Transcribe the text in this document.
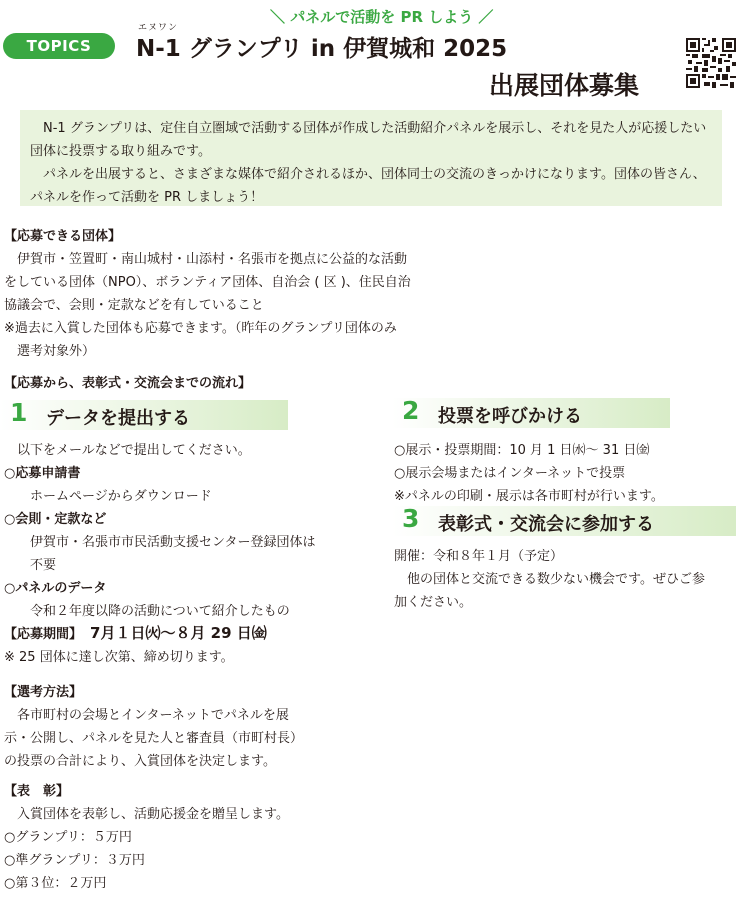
TOPICS
＼ パネルで活動を PR しよう ／
エヌワン
N-1 グランプリ in 伊賀城和 2025
出展団体募集

N-1 グランプリは、定住自立圏域で活動する団体が作成した活動紹介パネルを展示し、それを見た人が応援したい団体に投票する取り組みです。

パネルを出展すると、さまざまな媒体で紹介されるほか、団体同士の交流のきっかけになります。団体の皆さん、パネルを作って活動を PR しましょう！

【応募できる団体】
伊賀市・笠置町・南山城村・山添村・名張市を拠点に公益的な活動
をしている団体（NPO）、ボランティア団体、自治会 ( 区 )、住民自治
協議会で、会則・定款などを有していること
※過去に入賞した団体も応募できます。（昨年のグランプリ団体のみ
選考対象外）
【応募から、表彰式・交流会までの流れ】
1 データを提出する
以下をメールなどで提出してください。
○応募申請書
ホームページからダウンロード
○会則・定款など
伊賀市・名張市市民活動支援センター登録団体は
不要
○パネルのデータ
令和２年度以降の活動について紹介したもの
2 投票を呼びかける
○展示・投票期間：10 月 1 日㈬～ 31 日㈮
○展示会場またはインターネットで投票
※パネルの印刷・展示は各市町村が行います。
3 表彰式・交流会に参加する
開催：令和８年１月（予定）
他の団体と交流できる数少ない機会です。ぜひご参
加ください。
【応募期間】 7月１日㈫～８月 29 日㈮
※ 25 団体に達し次第、締め切ります。
【選考方法】
各市町村の会場とインターネットでパネルを展
示・公開し、パネルを見た人と審査員（市町村長）
の投票の合計により、入賞団体を決定します。
【表　彰】
入賞団体を表彰し、活動応援金を贈呈します。
○グランプリ：５万円
○準グランプリ：３万円
○第３位：２万円
